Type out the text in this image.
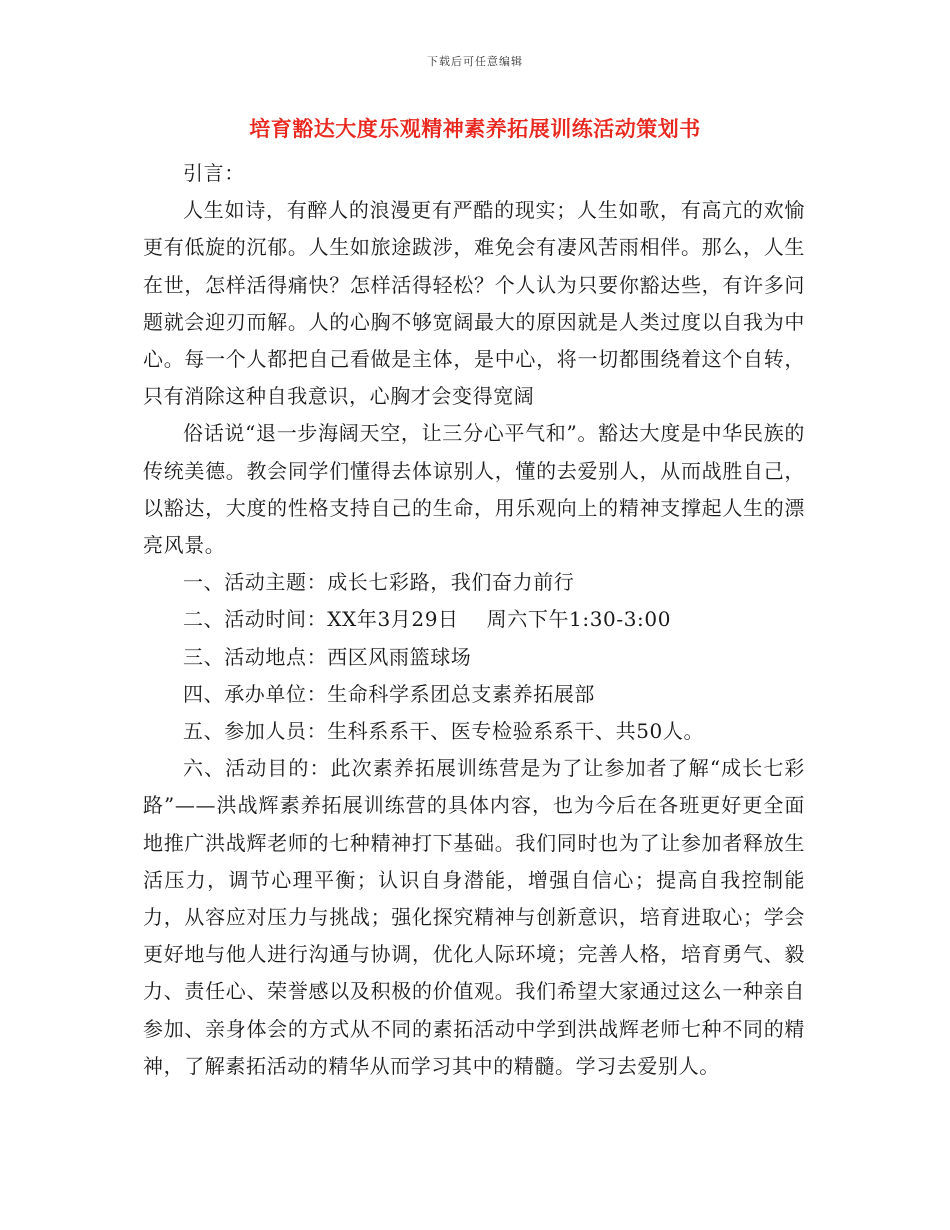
下载后可任意编辑
培育豁达大度乐观精神素养拓展训练活动策划书

引言：

人生如诗，有醉人的浪漫更有严酷的现实；人生如歌，有高亢的欢愉更有低旋的沉郁。人生如旅途跋涉，难免会有凄风苦雨相伴。那么，人生在世，怎样活得痛快？怎样活得轻松？个人认为只要你豁达些，有许多问题就会迎刃而解。人的心胸不够宽阔最大的原因就是人类过度以自我为中心。每一个人都把自己看做是主体，是中心，将一切都围绕着这个自转，只有消除这种自我意识，心胸才会变得宽阔

俗话说“退一步海阔天空，让三分心平气和”。豁达大度是中华民族的传统美德。教会同学们懂得去体谅别人，懂的去爱别人，从而战胜自己，以豁达，大度的性格支持自己的生命，用乐观向上的精神支撑起人生的漂亮风景。

一、活动主题：成长七彩路，我们奋力前行

二、活动时间：XX年3月29日 周六下午1:30-3:00

三、活动地点：西区风雨篮球场

四、承办单位：生命科学系团总支素养拓展部

五、参加人员：生科系系干、医专检验系系干、共50人。

六、活动目的：此次素养拓展训练营是为了让参加者了解“成长七彩路”——洪战辉素养拓展训练营的具体内容，也为今后在各班更好更全面地推广洪战辉老师的七种精神打下基础。我们同时也为了让参加者释放生活压力，调节心理平衡；认识自身潜能，增强自信心；提高自我控制能力，从容应对压力与挑战；强化探究精神与创新意识，培育进取心；学会更好地与他人进行沟通与协调，优化人际环境；完善人格，培育勇气、毅力、责任心、荣誉感以及积极的价值观。我们希望大家通过这么一种亲自参加、亲身体会的方式从不同的素拓活动中学到洪战辉老师七种不同的精神，了解素拓活动的精华从而学习其中的精髓。学习去爱别人。
